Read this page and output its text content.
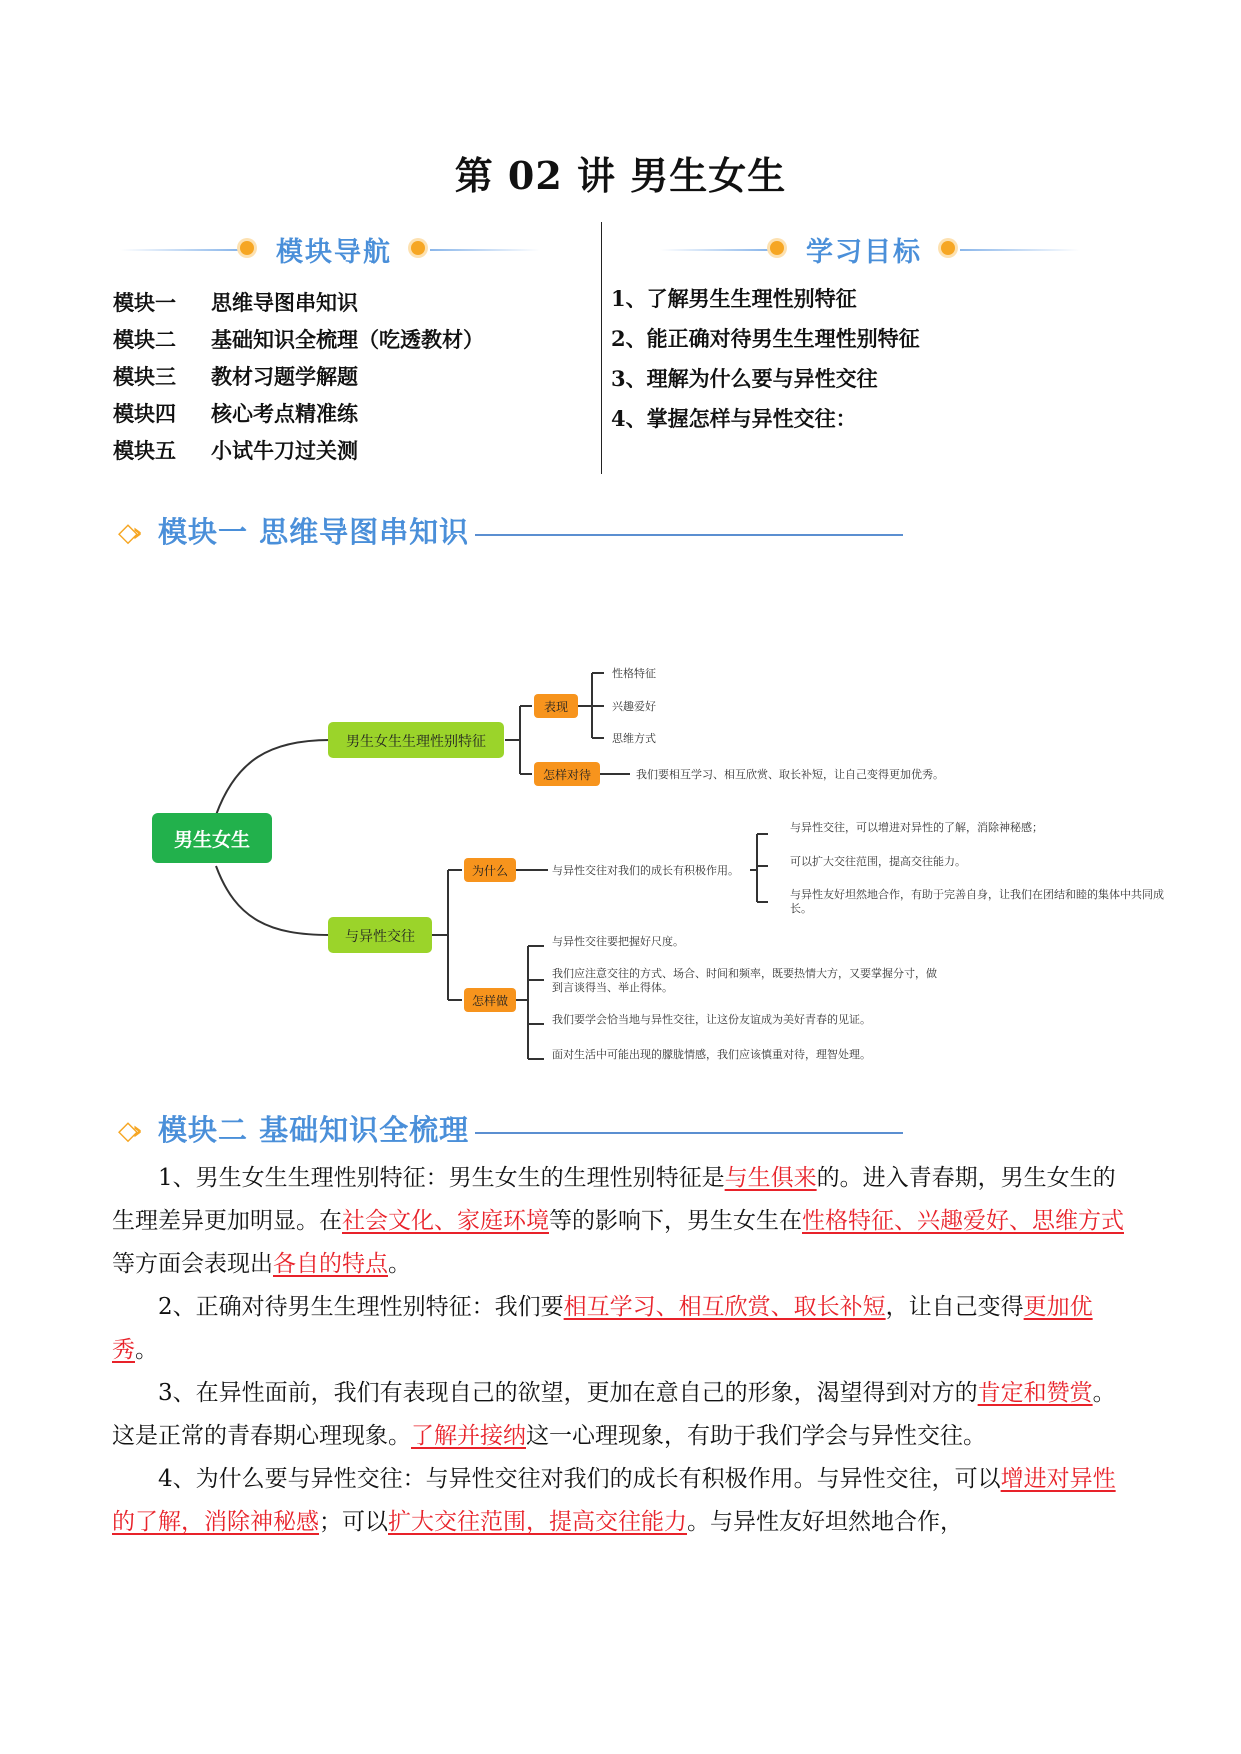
第 02 讲 男生女生
模块导航
模块一 思维导图串知识
模块二 基础知识全梳理（吃透教材）
模块三 教材习题学解题
模块四 核心考点精准练
模块五 小试牛刀过关测
学习目标
1、了解男生生理性别特征
2、能正确对待男生生理性别特征
3、理解为什么要与异性交往
4、掌握怎样与异性交往：
◇› 模块一 思维导图串知识
男生女生
男生女生生理性别特征
与异性交往
表现
怎样对待
为什么
怎样做
性格特征
兴趣爱好
思维方式
我们要相互学习、相互欣赏、取长补短，让自己变得更加优秀。
与异性交往对我们的成长有积极作用。
与异性交往，可以增进对异性的了解，消除神秘感；
可以扩大交往范围，提高交往能力。
与异性友好坦然地合作，有助于完善自身，让我们在团结和睦的集体中共同成
长。
与异性交往要把握好尺度。
我们应注意交往的方式、场合、时间和频率，既要热情大方，又要掌握分寸，做
到言谈得当、举止得体。
我们要学会恰当地与异性交往，让这份友谊成为美好青春的见证。
面对生活中可能出现的朦胧情感，我们应该慎重对待，理智处理。
◇› 模块二 基础知识全梳理

1、男生女生生理性别特征：男生女生的生理性别特征是与生俱来的。进入青春期，男生女生的生理差异更加明显。在社会文化、家庭环境等的影响下，男生女生在性格特征、兴趣爱好、思维方式等方面会表现出各自的特点。

2、正确对待男生生理性别特征：我们要相互学习、相互欣赏、取长补短，让自己变得更加优秀。

3、在异性面前，我们有表现自己的欲望，更加在意自己的形象，渴望得到对方的肯定和赞赏。这是正常的青春期心理现象。了解并接纳这一心理现象，有助于我们学会与异性交往。

4、为什么要与异性交往：与异性交往对我们的成长有积极作用。与异性交往，可以增进对异性的了解，消除神秘感；可以扩大交往范围，提高交往能力。与异性友好坦然地合作，
